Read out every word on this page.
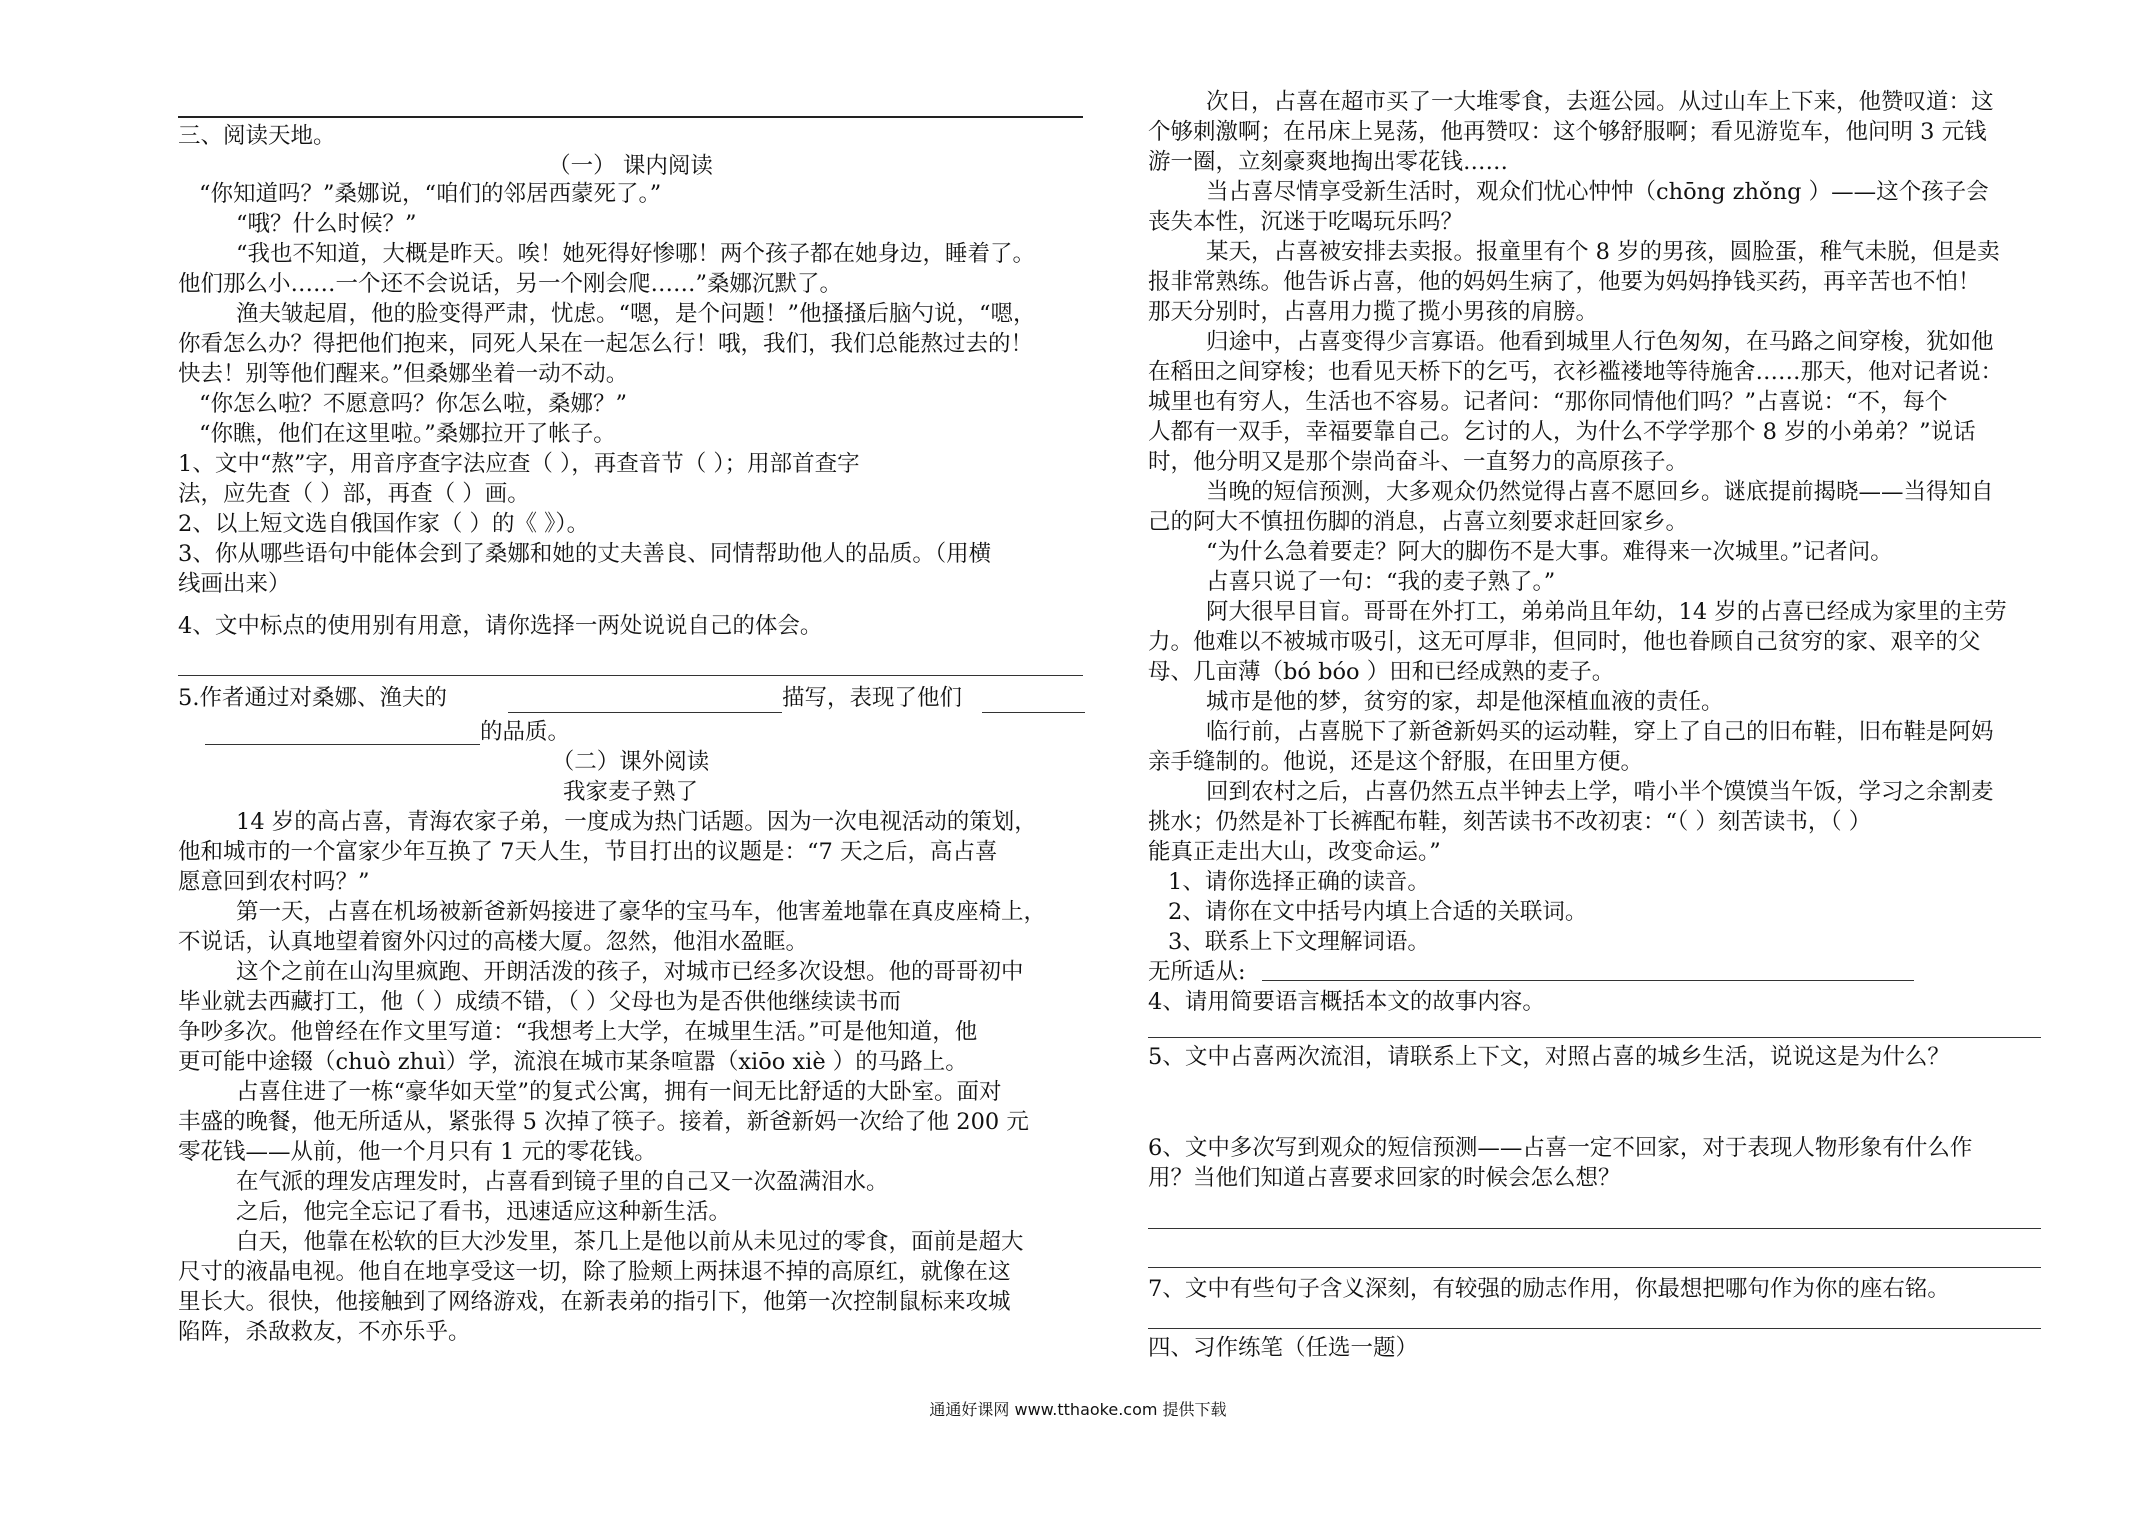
三、阅读天地。
（一） 课内阅读
“你知道吗？”桑娜说，“咱们的邻居西蒙死了。”
“哦？什么时候？”
“我也不知道，大概是昨天。唉！她死得好惨哪！两个孩子都在她身边，睡着了。
他们那么小……一个还不会说话，另一个刚会爬……”桑娜沉默了。
渔夫皱起眉，他的脸变得严肃，忧虑。“嗯，是个问题！”他搔搔后脑勺说，“嗯，
你看怎么办？得把他们抱来，同死人呆在一起怎么行！哦，我们，我们总能熬过去的！
快去！别等他们醒来。”但桑娜坐着一动不动。
“你怎么啦？不愿意吗？你怎么啦，桑娜？”
“你瞧，他们在这里啦。”桑娜拉开了帐子。
1、文中“熬”字，用音序查字法应查（ ），再查音节（ ）；用部首查字
法，应先查（ ）部，再查（ ）画。
2、以上短文选自俄国作家（ ）的《 》）。
3、你从哪些语句中能体会到了桑娜和她的丈夫善良、同情帮助他人的品质。（用横
线画出来）
4、文中标点的使用别有用意，请你选择一两处说说自己的体会。
5.作者通过对桑娜、渔夫的	描写，表现了他们
的品质。
（二）课外阅读
我家麦子熟了
14 岁的高占喜，青海农家子弟，一度成为热门话题。因为一次电视活动的策划，
他和城市的一个富家少年互换了 7天人生，节目打出的议题是：“7 天之后，高占喜
愿意回到农村吗？”
第一天，占喜在机场被新爸新妈接进了豪华的宝马车，他害羞地靠在真皮座椅上，
不说话，认真地望着窗外闪过的高楼大厦。忽然，他泪水盈眶。
这个之前在山沟里疯跑、开朗活泼的孩子，对城市已经多次设想。他的哥哥初中
毕业就去西藏打工，他（ ）成绩不错，（ ）父母也为是否供他继续读书而
争吵多次。他曾经在作文里写道：“我想考上大学，在城里生活。”可是他知道，他
更可能中途辍（chuò zhuì）学，流浪在城市某条喧嚣（xiōo xiè ）的马路上。
占喜住进了一栋“豪华如天堂”的复式公寓，拥有一间无比舒适的大卧室。面对
丰盛的晚餐，他无所适从，紧张得 5 次掉了筷子。接着，新爸新妈一次给了他 200 元
零花钱——从前，他一个月只有 1 元的零花钱。
在气派的理发店理发时，占喜看到镜子里的自己又一次盈满泪水。
之后，他完全忘记了看书，迅速适应这种新生活。
白天，他靠在松软的巨大沙发里，茶几上是他以前从未见过的零食，面前是超大
尺寸的液晶电视。他自在地享受这一切，除了脸颊上两抹退不掉的高原红，就像在这
里长大。很快，他接触到了网络游戏，在新表弟的指引下，他第一次控制鼠标来攻城
陷阵，杀敌救友，不亦乐乎。
次日，占喜在超市买了一大堆零食，去逛公园。从过山车上下来，他赞叹道：这
个够刺激啊；在吊床上晃荡，他再赞叹：这个够舒服啊；看见游览车，他问明 3 元钱
游一圈，立刻豪爽地掏出零花钱……
当占喜尽情享受新生活时，观众们忧心忡忡（chōng zhǒng ）——这个孩子会
丧失本性，沉迷于吃喝玩乐吗？
某天，占喜被安排去卖报。报童里有个 8 岁的男孩，圆脸蛋，稚气未脱，但是卖
报非常熟练。他告诉占喜，他的妈妈生病了，他要为妈妈挣钱买药，再辛苦也不怕！
那天分别时，占喜用力揽了揽小男孩的肩膀。
归途中，占喜变得少言寡语。他看到城里人行色匆匆，在马路之间穿梭，犹如他
在稻田之间穿梭；也看见天桥下的乞丐，衣衫褴褛地等待施舍……那天，他对记者说：
城里也有穷人，生活也不容易。记者问：“那你同情他们吗？”占喜说：“不，每个
人都有一双手，幸福要靠自己。乞讨的人，为什么不学学那个 8 岁的小弟弟？”说话
时，他分明又是那个崇尚奋斗、一直努力的高原孩子。
当晚的短信预测，大多观众仍然觉得占喜不愿回乡。谜底提前揭晓——当得知自
己的阿大不慎扭伤脚的消息，占喜立刻要求赶回家乡。
“为什么急着要走？阿大的脚伤不是大事。难得来一次城里。”记者问。
占喜只说了一句：“我的麦子熟了。”
阿大很早目盲。哥哥在外打工，弟弟尚且年幼，14 岁的占喜已经成为家里的主劳
力。他难以不被城市吸引，这无可厚非，但同时，他也眷顾自己贫穷的家、艰辛的父
母、几亩薄（bó bóo ）田和已经成熟的麦子。
城市是他的梦，贫穷的家，却是他深植血液的责任。
临行前，占喜脱下了新爸新妈买的运动鞋，穿上了自己的旧布鞋，旧布鞋是阿妈
亲手缝制的。他说，还是这个舒服，在田里方便。
回到农村之后，占喜仍然五点半钟去上学，啃小半个馍馍当午饭，学习之余割麦
挑水；仍然是补丁长裤配布鞋，刻苦读书不改初衷：“（ ）刻苦读书，（ ）
能真正走出大山，改变命运。”
1、请你选择正确的读音。
2、请你在文中括号内填上合适的关联词。
3、联系上下文理解词语。
无所适从:
4、请用简要语言概括本文的故事内容。
5、文中占喜两次流泪，请联系上下文，对照占喜的城乡生活，说说这是为什么？
6、文中多次写到观众的短信预测——占喜一定不回家，对于表现人物形象有什么作
用？当他们知道占喜要求回家的时候会怎么想？
7、文中有些句子含义深刻，有较强的励志作用，你最想把哪句作为你的座右铭。
四、习作练笔（任选一题）
通通好课网 www.tthaoke.com 提供下载
